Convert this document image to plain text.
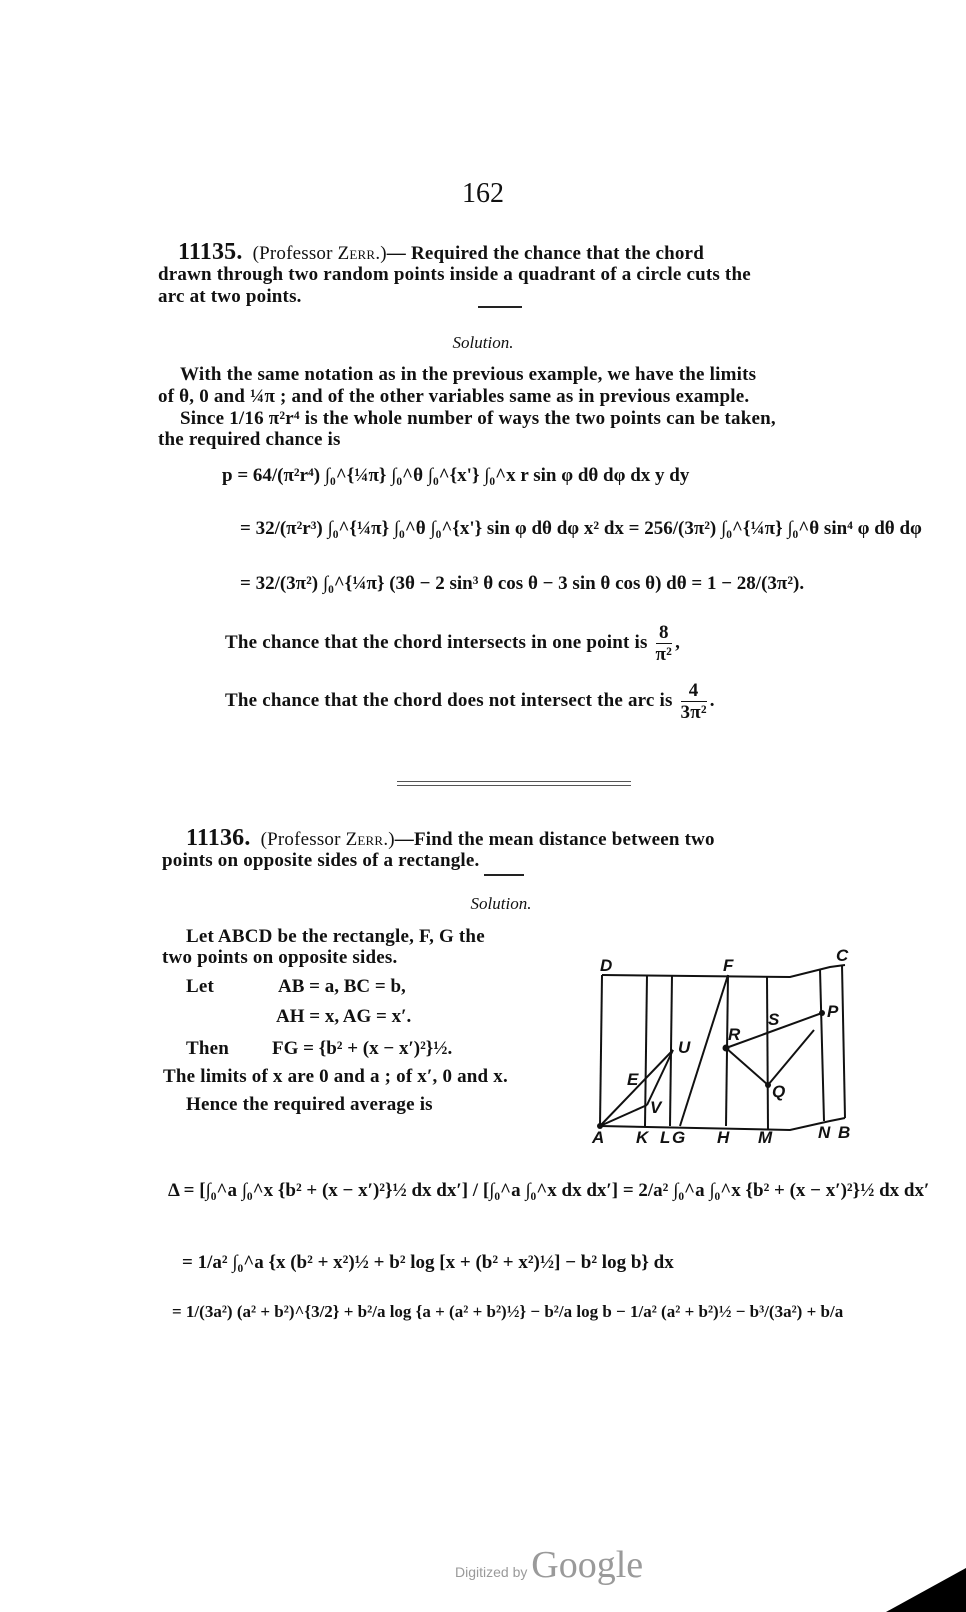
162
11135. (Professor Zerr.)— Required the chance that the chord
drawn through two random points inside a quadrant of a circle cuts the
arc at two points.
Solution.
With the same notation as in the previous example, we have the limits
of θ, 0 and ¼π ; and of the other variables same as in previous example.
Since 1/16 π²r⁴ is the whole number of ways the two points can be taken,
the required chance is
p = 64/(π²r⁴) ∫₀^{¼π} ∫₀^θ ∫₀^{x'} ∫₀^x r sin φ dθ dφ dx y dy
= 32/(π²r³) ∫₀^{¼π} ∫₀^θ ∫₀^{x'} sin φ dθ dφ x² dx = 256/(3π²) ∫₀^{¼π} ∫₀^θ sin⁴ φ dθ dφ
= 32/(3π²) ∫₀^{¼π} (3θ − 2 sin³ θ cos θ − 3 sin θ cos θ) dθ = 1 − 28/(3π²).
The chance that the chord intersects in one point is $\frac{8}{\text{π²}}$ ,
The chance that the chord does not intersect the arc is $\frac{4}{\text{3π²}}$ .
11136. (Professor Zerr.)—Find the mean distance between two
points on opposite sides of a rectangle.
Solution.
Let ABCD be the rectangle, F, G the
two points on opposite sides.
Let	AB = a, BC = b,
AH = x, AG = x′.
Then FG = {b² + (x − x′)²}½.
The limits of x are 0 and a ; of x′, 0 and x.
Hence the required average is
D	F
C
U
R
S	P
E
Q
V
A K L G H M	N B
Δ = [∫₀^a ∫₀^x {b² + (x − x′)²}½ dx dx′] / [∫₀^a ∫₀^x dx dx′] = 2/a² ∫₀^a ∫₀^x {b² + (x − x′)²}½ dx dx′
= 1/a² ∫₀^a {x (b² + x²)½ + b² log [x + (b² + x²)½] − b² log b} dx
= 1/(3a²) (a² + b²)^{3/2} + b²/a log {a + (a² + b²)½} − b²/a log b − 1/a² (a² + b²)½ − b³/(3a²) + b/a
Digitized by Google
